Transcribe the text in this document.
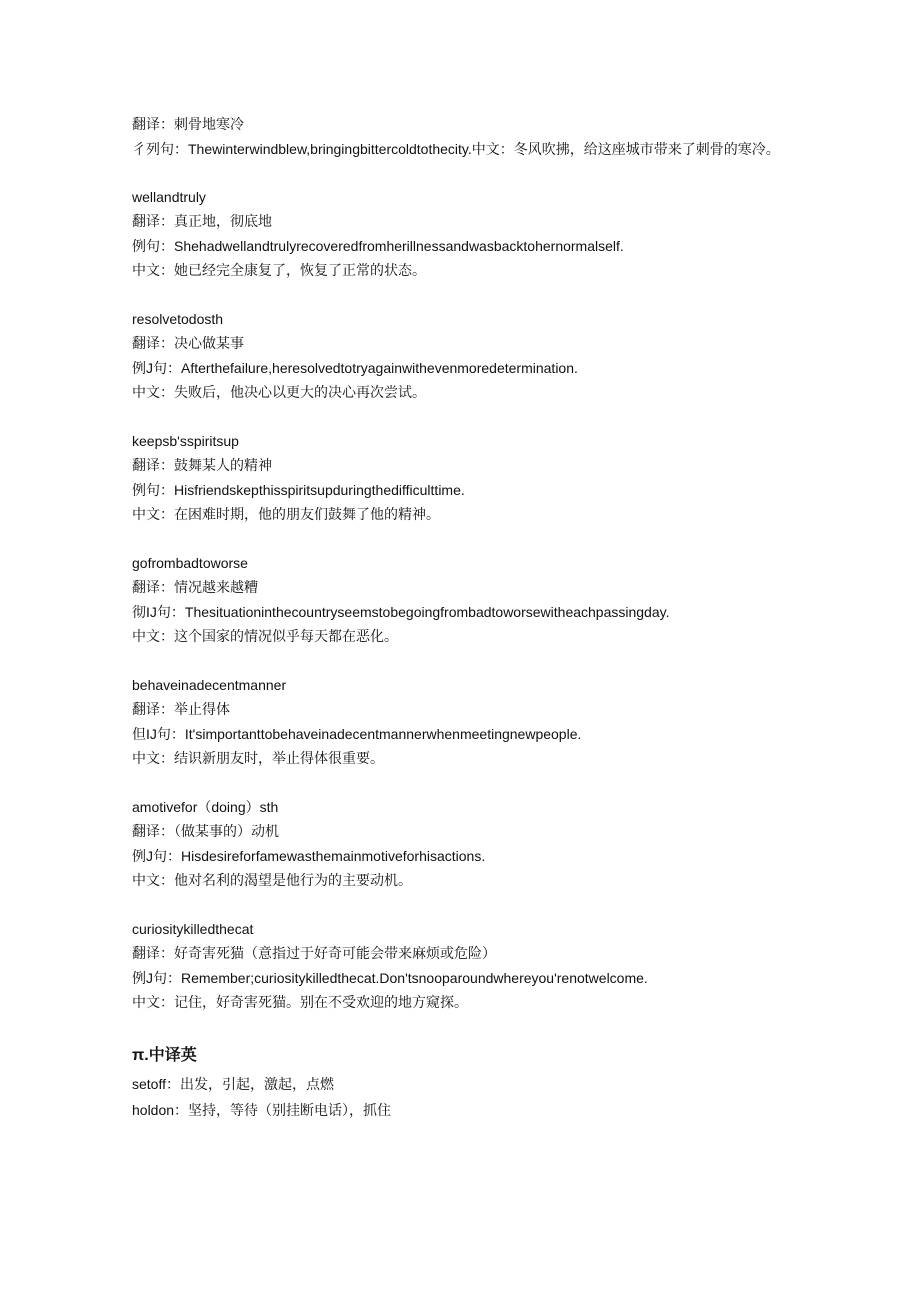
翻译：刺骨地寒冷
彳列句：Thewinterwindblew,bringingbittercoldtothecity.中文：冬风吹拂，给这座城市带来了刺骨的寒冷。
wellandtruly
翻译：真正地，彻底地
例句：Shehadwellandtrulyrecoveredfromherillnessandwasbacktohernormalself.
中文：她已经完全康复了，恢复了正常的状态。
resolvetodosth
翻译：决心做某事
例J句：Afterthefailure,heresolvedtotryagainwithevenmoredetermination.
中文：失败后，他决心以更大的决心再次尝试。
keepsb'sspiritsup
翻译：鼓舞某人的精神
例句：Hisfriendskepthisspiritsupduringthedifficulttime.
中文：在困难时期，他的朋友们鼓舞了他的精神。
gofrombadtoworse
翻译：情况越来越糟
彻IJ句：Thesituationinthecountryseemstobegoingfrombadtoworsewitheachpassingday.
中文：这个国家的情况似乎每天都在恶化。
behaveinadecentmanner
翻译：举止得体
但IJ句：It'simportanttobehaveinadecentmannerwhenmeetingnewpeople.
中文：结识新朋友时，举止得体很重要。
amotivefor（doing）sth
翻译：（做某事的）动机
例J句：Hisdesireforfamewasthemainmotiveforhisactions.
中文：他对名利的渴望是他行为的主要动机。
curiositykilledthecat
翻译：好奇害死猫（意指过于好奇可能会带来麻烦或危险）
例J句：Remember;curiositykilledthecat.Don'tsnooparoundwhereyou'renotwelcome.
中文：记住，好奇害死猫。别在不受欢迎的地方窥探。
π.中译英
setoff：出发，引起，激起，点燃
holdon：坚持，等待（别挂断电话），抓住
